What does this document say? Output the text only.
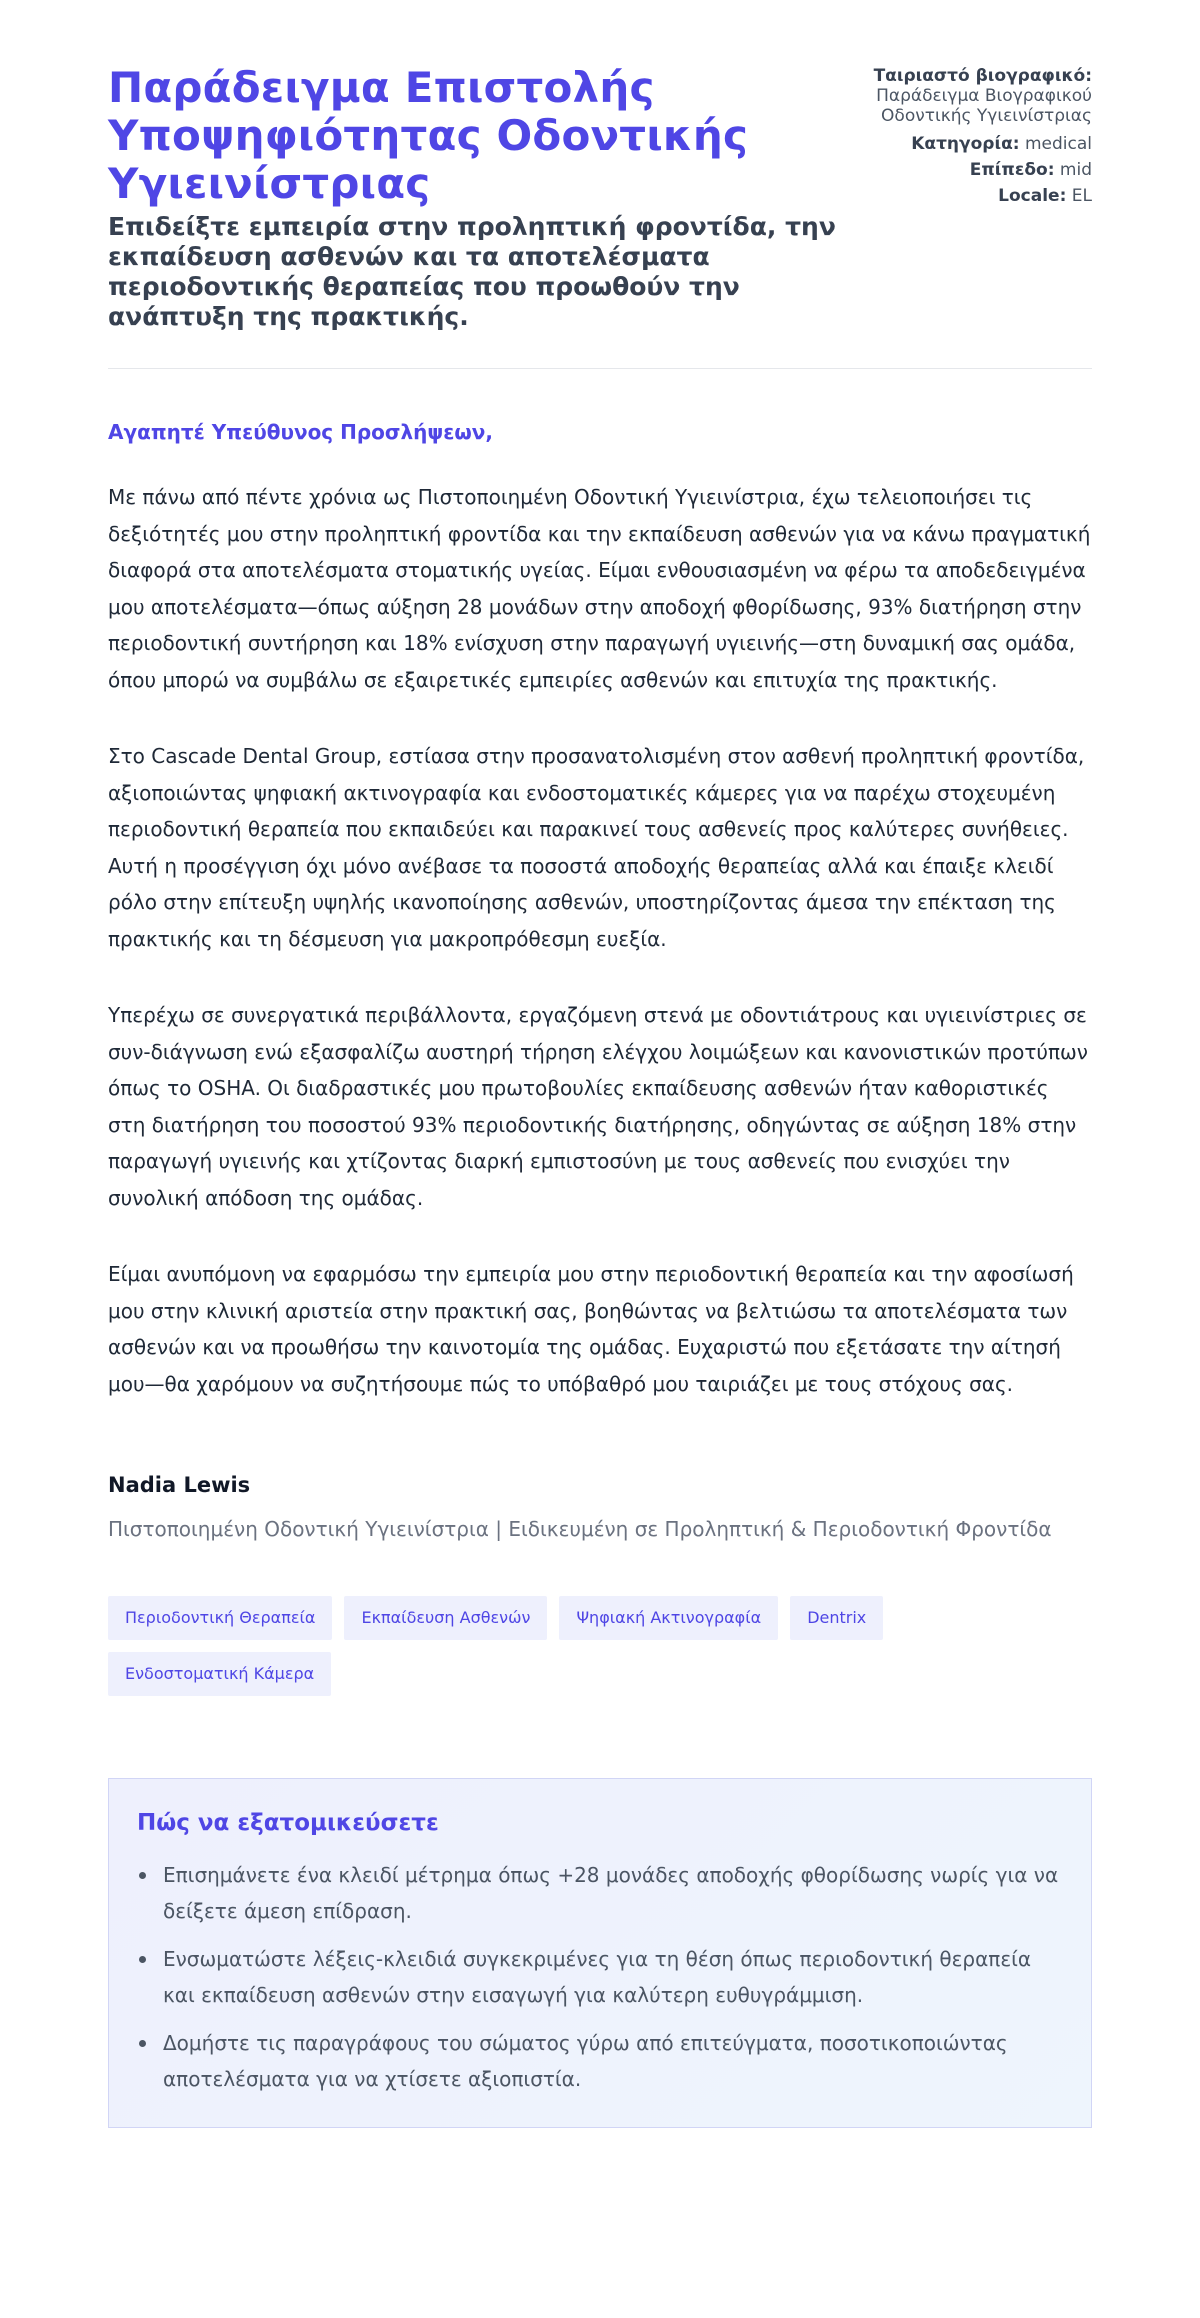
Παράδειγμα Επιστολής Υποψηφιότητας Οδοντικής Υγιεινίστριας
Επιδείξτε εμπειρία στην προληπτική φροντίδα, την εκπαίδευση ασθενών και τα αποτελέσματα περιοδοντικής θεραπείας που προωθούν την ανάπτυξη της πρακτικής.
Ταιριαστό βιογραφικό:
Παράδειγμα Βιογραφικού Οδοντικής Υγιεινίστριας
Κατηγορία: medical
Επίπεδο: mid
Locale: EL
Αγαπητέ Υπεύθυνος Προσλήψεων,

Με πάνω από πέντε χρόνια ως Πιστοποιημένη Οδοντική Υγιεινίστρια, έχω τελειοποιήσει τις δεξιότητές μου στην προληπτική φροντίδα και την εκπαίδευση ασθενών για να κάνω πραγματική διαφορά στα αποτελέσματα στοματικής υγείας. Είμαι ενθουσιασμένη να φέρω τα αποδεδειγμένα μου αποτελέσματα—όπως αύξηση 28 μονάδων στην αποδοχή φθορίδωσης, 93% διατήρηση στην περιοδοντική συντήρηση και 18% ενίσχυση στην παραγωγή υγιεινής—στη δυναμική σας ομάδα, όπου μπορώ να συμβάλω σε εξαιρετικές εμπειρίες ασθενών και επιτυχία της πρακτικής.

Στο Cascade Dental Group, εστίασα στην προσανατολισμένη στον ασθενή προληπτική φροντίδα, αξιοποιώντας ψηφιακή ακτινογραφία και ενδοστοματικές κάμερες για να παρέχω στοχευμένη περιοδοντική θεραπεία που εκπαιδεύει και παρακινεί τους ασθενείς προς καλύτερες συνήθειες. Αυτή η προσέγγιση όχι μόνο ανέβασε τα ποσοστά αποδοχής θεραπείας αλλά και έπαιξε κλειδί ρόλο στην επίτευξη υψηλής ικανοποίησης ασθενών, υποστηρίζοντας άμεσα την επέκταση της πρακτικής και τη δέσμευση για μακροπρόθεσμη ευεξία.

Υπερέχω σε συνεργατικά περιβάλλοντα, εργαζόμενη στενά με οδοντιάτρους και υγιεινίστριες σε συν-διάγνωση ενώ εξασφαλίζω αυστηρή τήρηση ελέγχου λοιμώξεων και κανονιστικών προτύπων όπως το OSHA. Οι διαδραστικές μου πρωτοβουλίες εκπαίδευσης ασθενών ήταν καθοριστικές στη διατήρηση του ποσοστού 93% περιοδοντικής διατήρησης, οδηγώντας σε αύξηση 18% στην παραγωγή υγιεινής και χτίζοντας διαρκή εμπιστοσύνη με τους ασθενείς που ενισχύει την συνολική απόδοση της ομάδας.

Είμαι ανυπόμονη να εφαρμόσω την εμπειρία μου στην περιοδοντική θεραπεία και την αφοσίωσή μου στην κλινική αριστεία στην πρακτική σας, βοηθώντας να βελτιώσω τα αποτελέσματα των ασθενών και να προωθήσω την καινοτομία της ομάδας. Ευχαριστώ που εξετάσατε την αίτησή μου—θα χαρόμουν να συζητήσουμε πώς το υπόβαθρό μου ταιριάζει με τους στόχους σας.

Nadia Lewis
Πιστοποιημένη Οδοντική Υγιεινίστρια | Ειδικευμένη σε Προληπτική & Περιοδοντική Φροντίδα
Περιοδοντική Θεραπεία	Εκπαίδευση Ασθενών	Ψηφιακή Ακτινογραφία	Dentrix
Ενδοστοματική Κάμερα
Πώς να εξατομικεύσετε
Επισημάνετε ένα κλειδί μέτρημα όπως +28 μονάδες αποδοχής φθορίδωσης νωρίς για να δείξετε άμεση επίδραση.
Ενσωματώστε λέξεις-κλειδιά συγκεκριμένες για τη θέση όπως περιοδοντική θεραπεία και εκπαίδευση ασθενών στην εισαγωγή για καλύτερη ευθυγράμμιση.
Δομήστε τις παραγράφους του σώματος γύρω από επιτεύγματα, ποσοτικοποιώντας αποτελέσματα για να χτίσετε αξιοπιστία.
